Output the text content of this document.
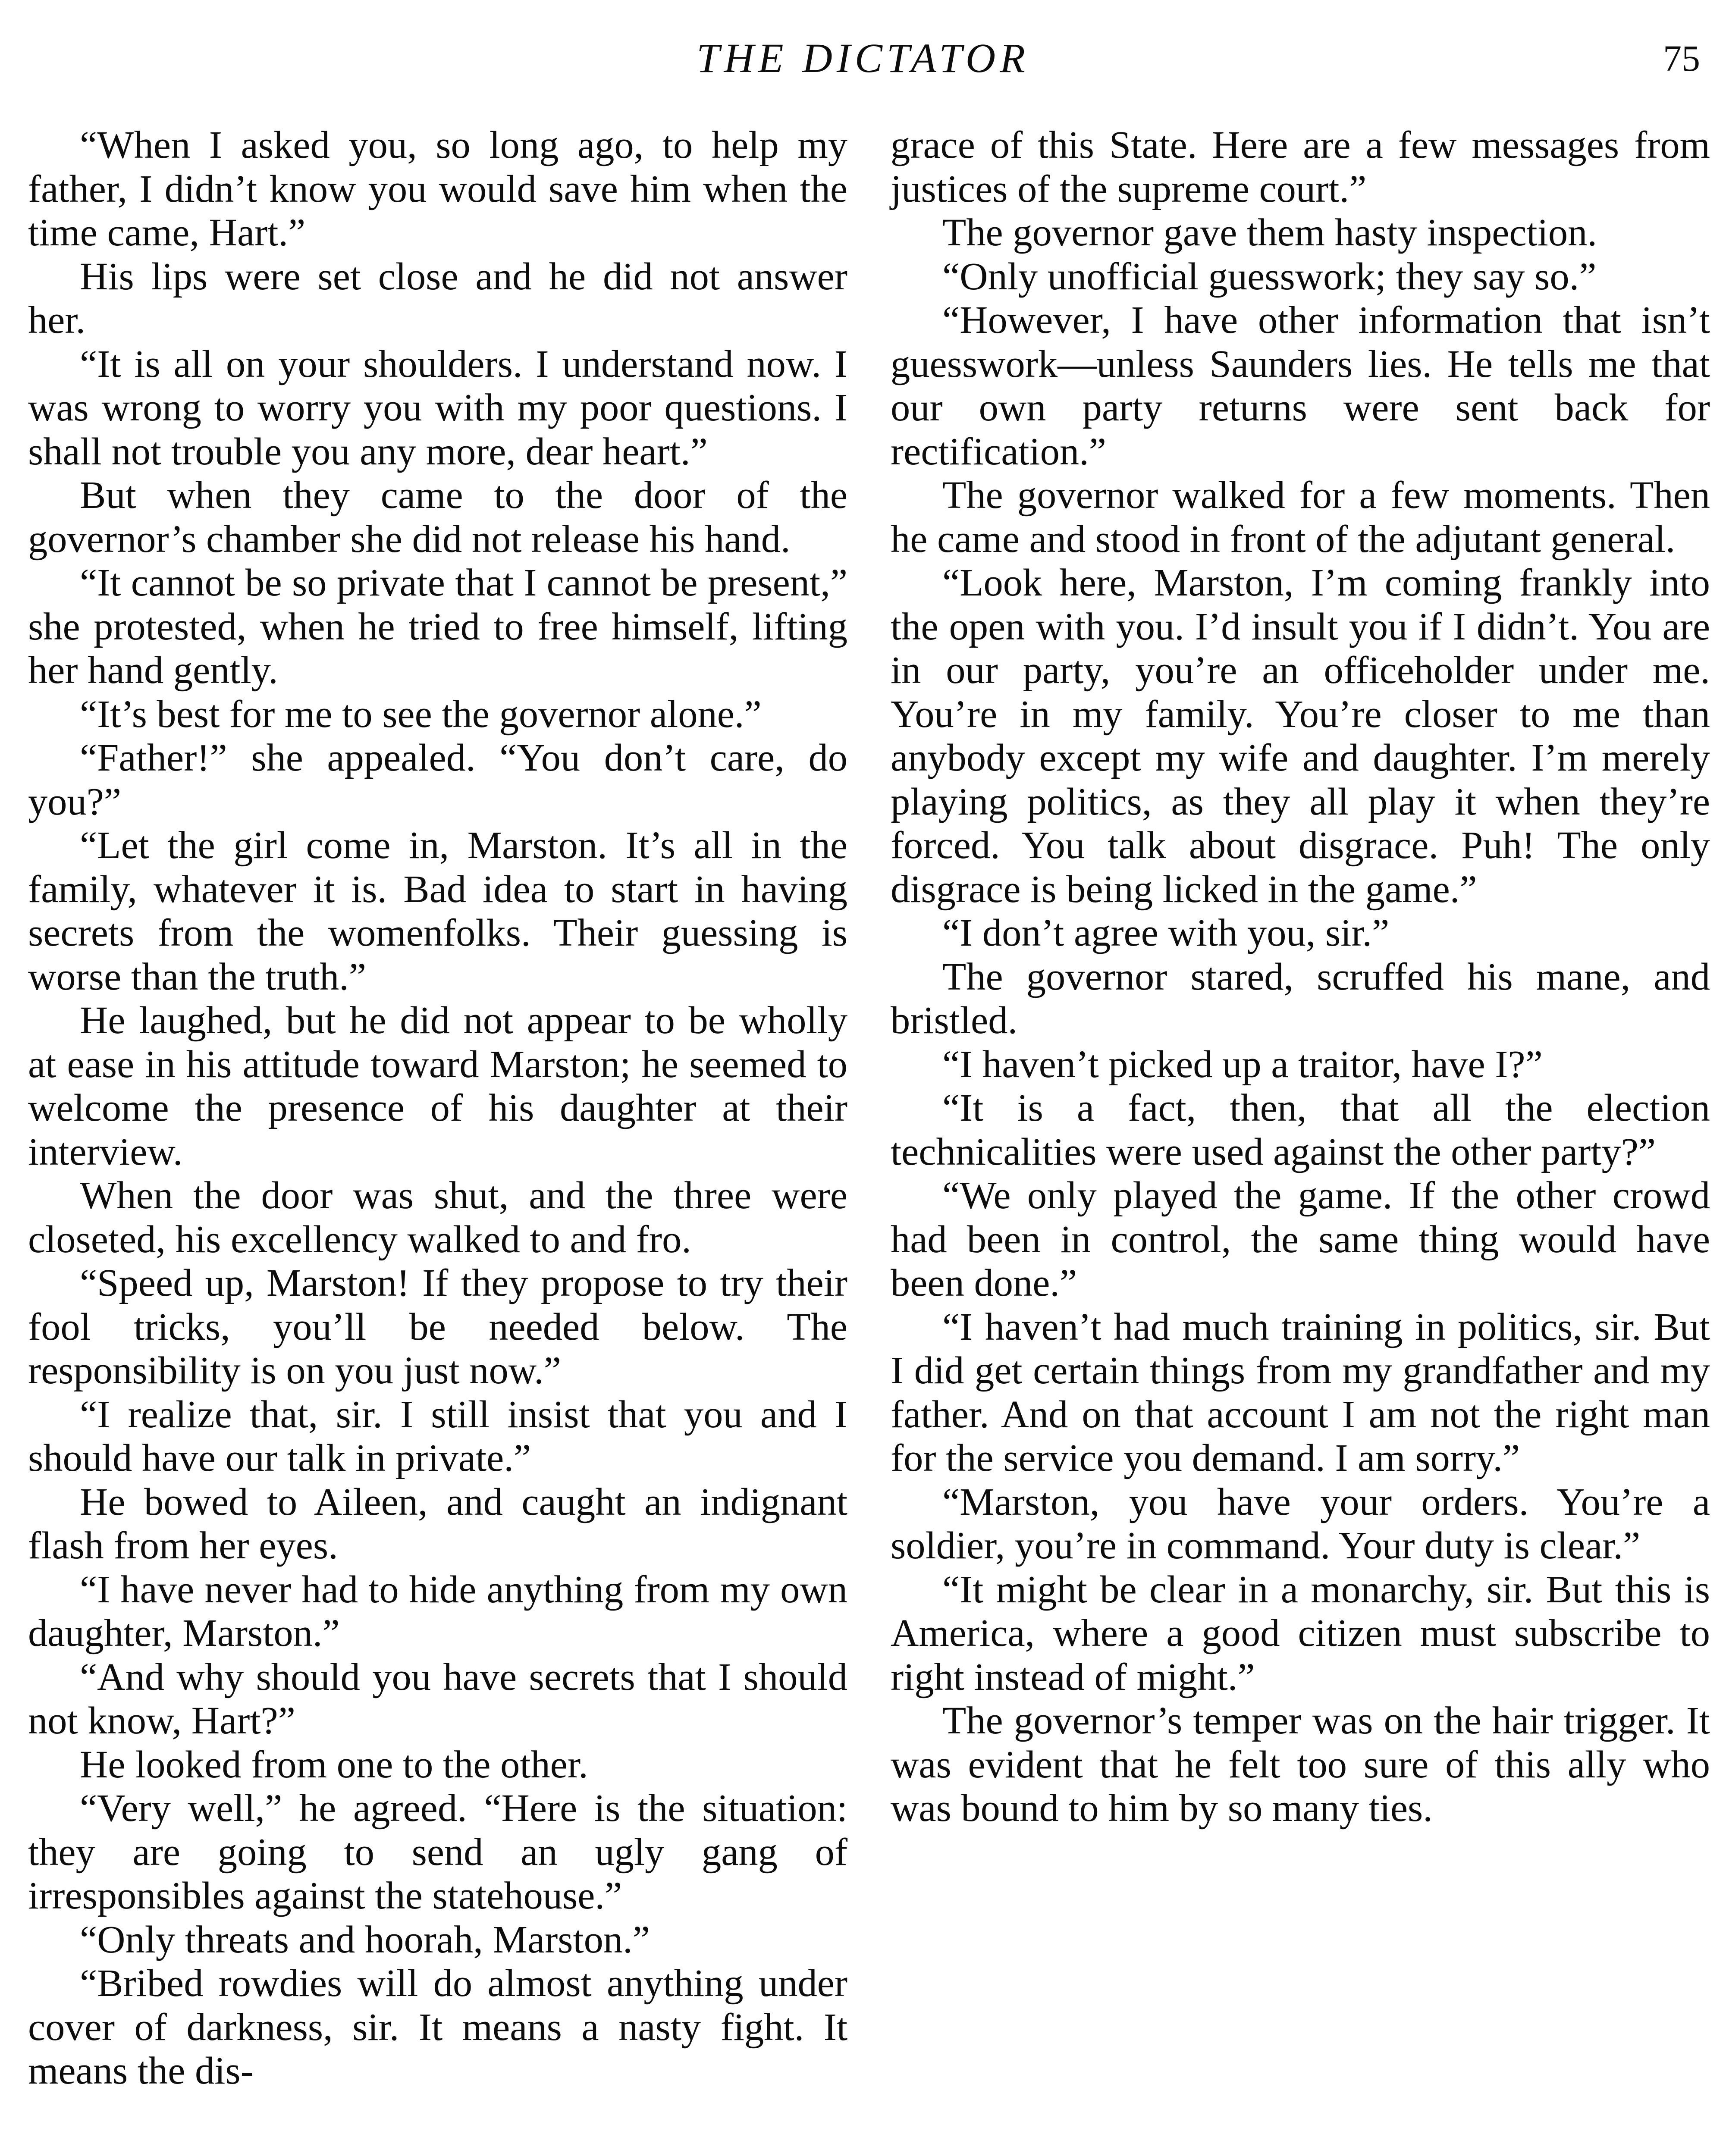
THE DICTATOR	75

“When I asked you, so long ago, to help my father, I didn’t know you would save him when the time came, Hart.”

His lips were set close and he did not answer her.

“It is all on your shoulders. I understand now. I was wrong to worry you with my poor questions. I shall not trouble you any more, dear heart.”

But when they came to the door of the governor’s chamber she did not release his hand.

“It cannot be so private that I cannot be present,” she protested, when he tried to free himself, lifting her hand gently.

“It’s best for me to see the governor alone.”

“Father!” she appealed. “You don’t care, do you?”

“Let the girl come in, Marston. It’s all in the family, whatever it is. Bad idea to start in having secrets from the womenfolks. Their guessing is worse than the truth.”

He laughed, but he did not appear to be wholly at ease in his attitude toward Marston; he seemed to welcome the presence of his daughter at their interview.

When the door was shut, and the three were closeted, his excellency walked to and fro.

“Speed up, Marston! If they propose to try their fool tricks, you’ll be needed below. The responsibility is on you just now.”

“I realize that, sir. I still insist that you and I should have our talk in private.”

He bowed to Aileen, and caught an indignant flash from her eyes.

“I have never had to hide anything from my own daughter, Marston.”

“And why should you have secrets that I should not know, Hart?”

He looked from one to the other.

“Very well,” he agreed. “Here is the situation: they are going to send an ugly gang of irresponsibles against the statehouse.”

“Only threats and hoorah, Marston.”

“Bribed rowdies will do almost anything under cover of darkness, sir. It means a nasty fight. It means the dis-

grace of this State. Here are a few messages from justices of the supreme court.”

The governor gave them hasty inspection.

“Only unofficial guesswork; they say so.”

“However, I have other information that isn’t guesswork—unless Saunders lies. He tells me that our own party returns were sent back for rectification.”

The governor walked for a few moments. Then he came and stood in front of the adjutant general.

“Look here, Marston, I’m coming frankly into the open with you. I’d insult you if I didn’t. You are in our party, you’re an officeholder under me. You’re in my family. You’re closer to me than anybody except my wife and daughter. I’m merely playing politics, as they all play it when they’re forced. You talk about disgrace. Puh! The only disgrace is being licked in the game.”

“I don’t agree with you, sir.”

The governor stared, scruffed his mane, and bristled.

“I haven’t picked up a traitor, have I?”

“It is a fact, then, that all the election technicalities were used against the other party?”

“We only played the game. If the other crowd had been in control, the same thing would have been done.”

“I haven’t had much training in politics, sir. But I did get certain things from my grandfather and my father. And on that account I am not the right man for the service you demand. I am sorry.”

“Marston, you have your orders. You’re a soldier, you’re in command. Your duty is clear.”

“It might be clear in a monarchy, sir. But this is America, where a good citizen must subscribe to right instead of might.”

The governor’s temper was on the hair trigger. It was evident that he felt too sure of this ally who was bound to him by so many ties.
